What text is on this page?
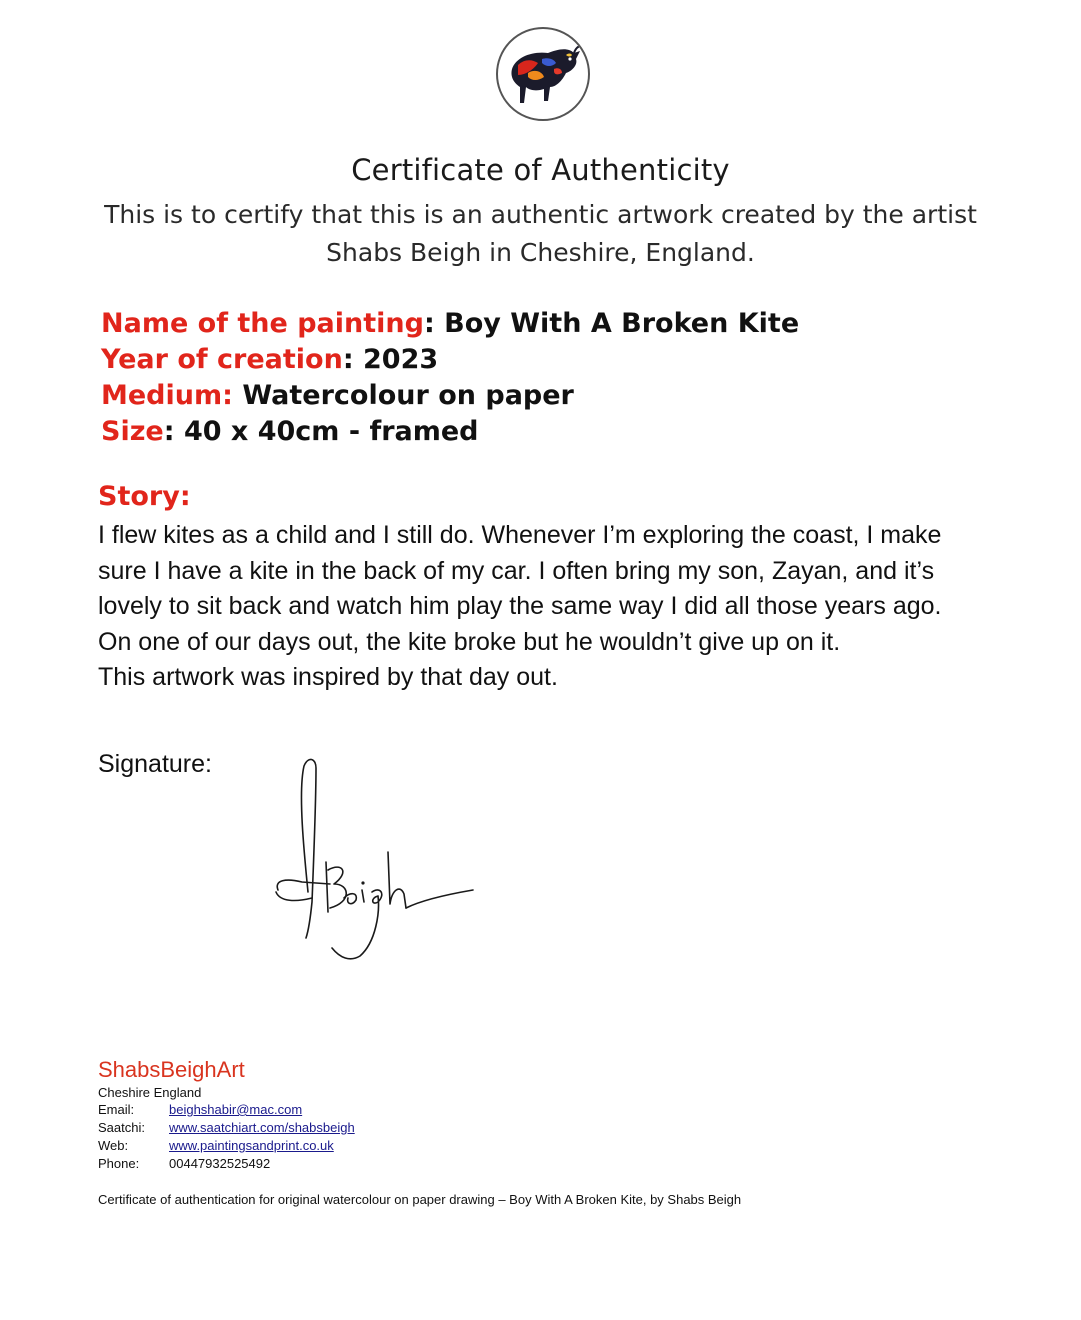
Certificate of Authenticity
This is to certify that this is an authentic artwork created by the artist
Shabs Beigh in Cheshire, England.
Name of the painting: Boy With A Broken Kite
Year of creation: 2023
Medium: Watercolour on paper
Size: 40 x 40cm - framed
Story:
I flew kites as a child and I still do. Whenever I’m exploring the coast, I make
sure I have a kite in the back of my car. I often bring my son, Zayan, and it’s
lovely to sit back and watch him play the same way I did all those years ago.
On one of our days out, the kite broke but he wouldn’t give up on it.
This artwork was inspired by that day out.
Signature:
ShabsBeighArt
Cheshire England
Email:	beighshabir@mac.com
Saatchi: www.saatchiart.com/shabsbeigh
Web:	www.paintingsandprint.co.uk
Phone: 00447932525492
Certificate of authentication for original watercolour on paper drawing – Boy With A Broken Kite, by Shabs Beigh
